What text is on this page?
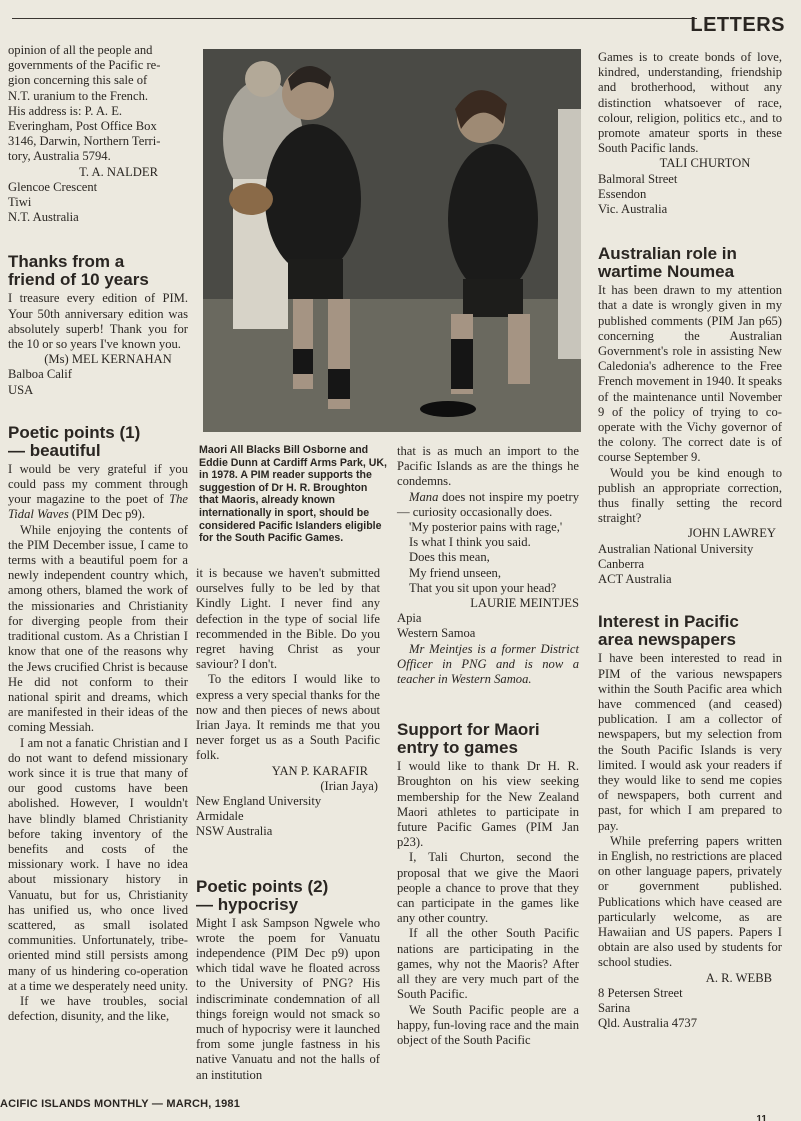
LETTERS
opinion of all the people and
governments of the Pacific re-
gion concerning this sale of
N.T. uranium to the French.
His address is: P. A. E.
Everingham, Post Office Box
3146, Darwin, Northern Terri-
tory, Australia 5794.
T. A. NALDER
Glencoe Crescent
Tiwi
N.T. Australia
Thanks from a
friend of 10 years

I treasure every edition of PIM. Your 50th anniversary edition was absolutely superb! Thank you for the 10 or so years I've known you.

(Ms) MEL KERNAHAN
Balboa Calif
USA
Poetic points (1)
— beautiful

I would be very grateful if you could pass my comment through your magazine to the poet of The Tidal Waves (PIM Dec p9).

While enjoying the contents of the PIM December issue, I came to terms with a beautiful poem for a newly independent country which, among others, blamed the work of the missionaries and Christianity for diverging people from their traditional custom. As a Christian I know that one of the reasons why the Jews crucified Christ is because He did not conform to their national spirit and dreams, which are manifested in their ideas of the coming Messiah.

I am not a fanatic Christian and I do not want to defend missionary work since it is true that many of our good customs have been abolished. However, I wouldn't have blindly blamed Christianity before taking inventory of the benefits and costs of the missionary work. I have no idea about missionary history in Vanuatu, but for us, Christianity has unified us, who once lived scattered, as small isolated communities. Unfortunately, tribe-oriented mind still persists among many of us hindering co-operation at a time we desperately need unity.

If we have troubles, social defection, disunity, and the like,

Maori All Blacks Bill Osborne and Eddie Dunn at Cardiff Arms Park, UK, in 1978. A PIM reader supports the suggestion of Dr H. R. Broughton that Maoris, already known internationally in sport, should be considered Pacific Islanders eligible for the South Pacific Games.

it is because we haven't submitted ourselves fully to be led by that Kindly Light. I never find any defection in the type of social life recommended in the Bible. Do you regret having Christ as your saviour? I don't.

To the editors I would like to express a very special thanks for the now and then pieces of news about Irian Jaya. It reminds me that you never forget us as a South Pacific folk.

YAN P. KARAFIR
(Irian Jaya)
New England University
Armidale
NSW Australia
Poetic points (2)
— hypocrisy

Might I ask Sampson Ngwele who wrote the poem for Vanuatu independence (PIM Dec p9) upon which tidal wave he floated across to the University of PNG? His indiscriminate condemnation of all things foreign would not smack so much of hypocrisy were it launched from some jungle fastness in his native Vanuatu and not the halls of an institution

that is as much an import to the Pacific Islands as are the things he condemns.

Mana does not inspire my poetry — curiosity occasionally does.

'My posterior pains with rage,'

Is what I think you said.
Does this mean,
My friend unseen,
That you sit upon your head?
LAURIE MEINTJES
Apia
Western Samoa

Mr Meintjes is a former District Officer in PNG and is now a teacher in Western Samoa.

Support for Maori
entry to games

I would like to thank Dr H. R. Broughton on his view seeking membership for the New Zealand Maori athletes to participate in future Pacific Games (PIM Jan p23).

I, Tali Churton, second the proposal that we give the Maori people a chance to prove that they can participate in the games like any other country.

If all the other South Pacific nations are participating in the games, why not the Maoris? After all they are very much part of the South Pacific.

We South Pacific people are a happy, fun-loving race and the main object of the South Pacific

Games is to create bonds of love, kindred, understanding, friendship and brotherhood, without any distinction whatsoever of race, colour, religion, politics etc., and to promote amateur sports in these South Pacific lands.

TALI CHURTON
Balmoral Street
Essendon
Vic. Australia
Australian role in
wartime Noumea

It has been drawn to my attention that a date is wrongly given in my published comments (PIM Jan p65) concerning the Australian Government's role in assisting New Caledonia's adherence to the Free French movement in 1940. It speaks of the maintenance until November 9 of the policy of trying to co-operate with the Vichy governor of the colony. The correct date is of course September 9.

Would you be kind enough to publish an appropriate correction, thus finally setting the record straight?

JOHN LAWREY
Australian National University
Canberra
ACT Australia
Interest in Pacific
area newspapers

I have been interested to read in PIM of the various newspapers within the South Pacific area which have commenced (and ceased) publication. I am a collector of newspapers, but my selection from the South Pacific Islands is very limited. I would ask your readers if they would like to send me copies of newspapers, both current and past, for which I am prepared to pay.

While preferring papers written in English, no restrictions are placed on other language papers, privately or government published. Publications which have ceased are particularly welcome, as are Hawaiian and US papers. Papers I obtain are also used by students for school studies.

A. R. WEBB
8 Petersen Street
Sarina
Qld. Australia 4737
ACIFIC ISLANDS MONTHLY — MARCH, 1981
11
